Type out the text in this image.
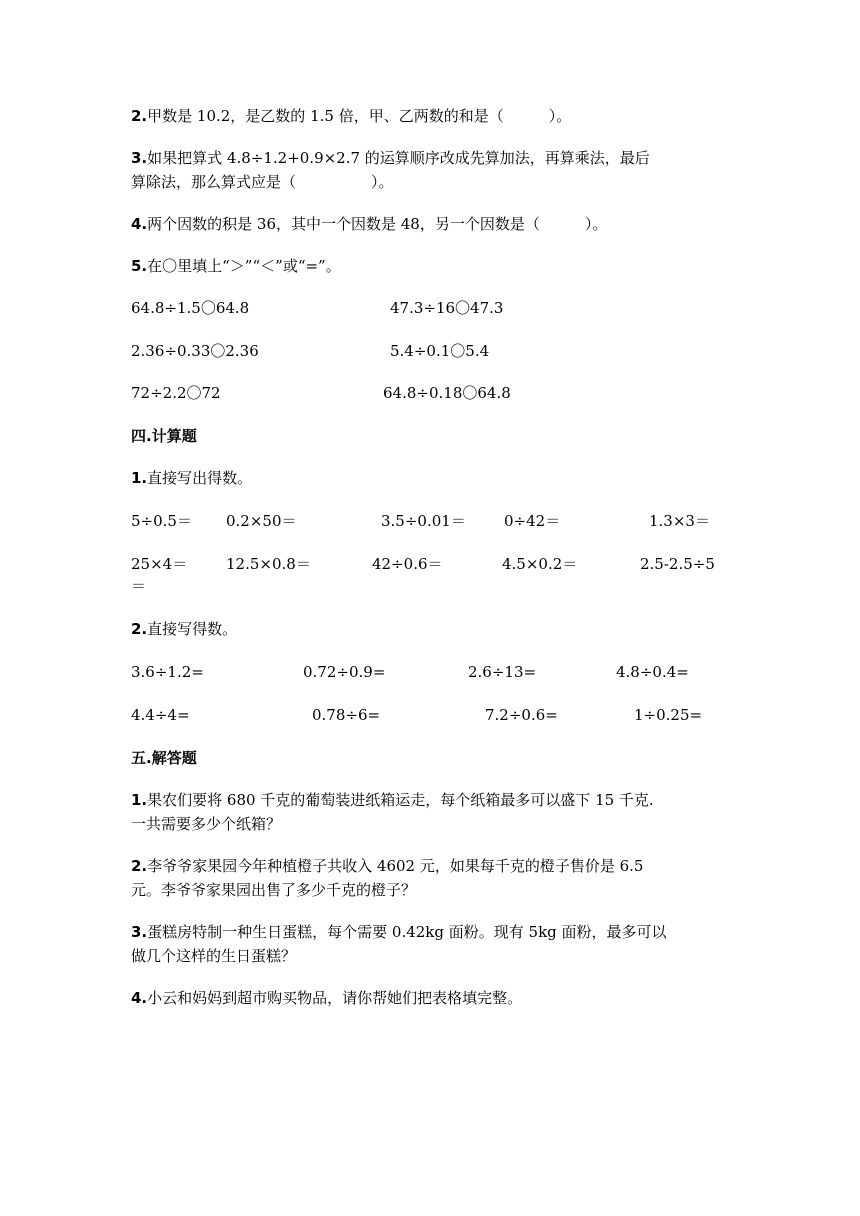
2.甲数是 10.2，是乙数的 1.5 倍，甲、乙两数的和是（　　　）。
3.如果把算式 4.8÷1.2+0.9×2.7 的运算顺序改成先算加法，再算乘法，最后
算除法，那么算式应是（　　　　　）。
4.两个因数的积是 36，其中一个因数是 48，另一个因数是（　　　）。
5.在〇里填上“＞”“＜”或“=”。
64.8÷1.5〇64.8	47.3÷16〇47.3
2.36÷0.33〇2.36	5.4÷0.1〇5.4
72÷2.2〇72	64.8÷0.18〇64.8
四.计算题
1.直接写出得数。
5÷0.5＝ 0.2×50＝	3.5÷0.01＝	0÷42＝	1.3×3＝
25×4＝	12.5×0.8＝	42÷0.6＝	4.5×0.2＝	2.5-2.5÷5
＝
2.直接写得数。
3.6÷1.2=	0.72÷0.9=	2.6÷13=	4.8÷0.4=
4.4÷4=	0.78÷6=	7.2÷0.6=	1÷0.25=
五.解答题
1.果农们要将 680 千克的葡萄装进纸箱运走，每个纸箱最多可以盛下 15 千克.
一共需要多少个纸箱？
2.李爷爷家果园今年种植橙子共收入 4602 元，如果每千克的橙子售价是 6.5
元。李爷爷家果园出售了多少千克的橙子？
3.蛋糕房特制一种生日蛋糕，每个需要 0.42kg 面粉。现有 5kg 面粉，最多可以
做几个这样的生日蛋糕？
4.小云和妈妈到超市购买物品，请你帮她们把表格填完整。
